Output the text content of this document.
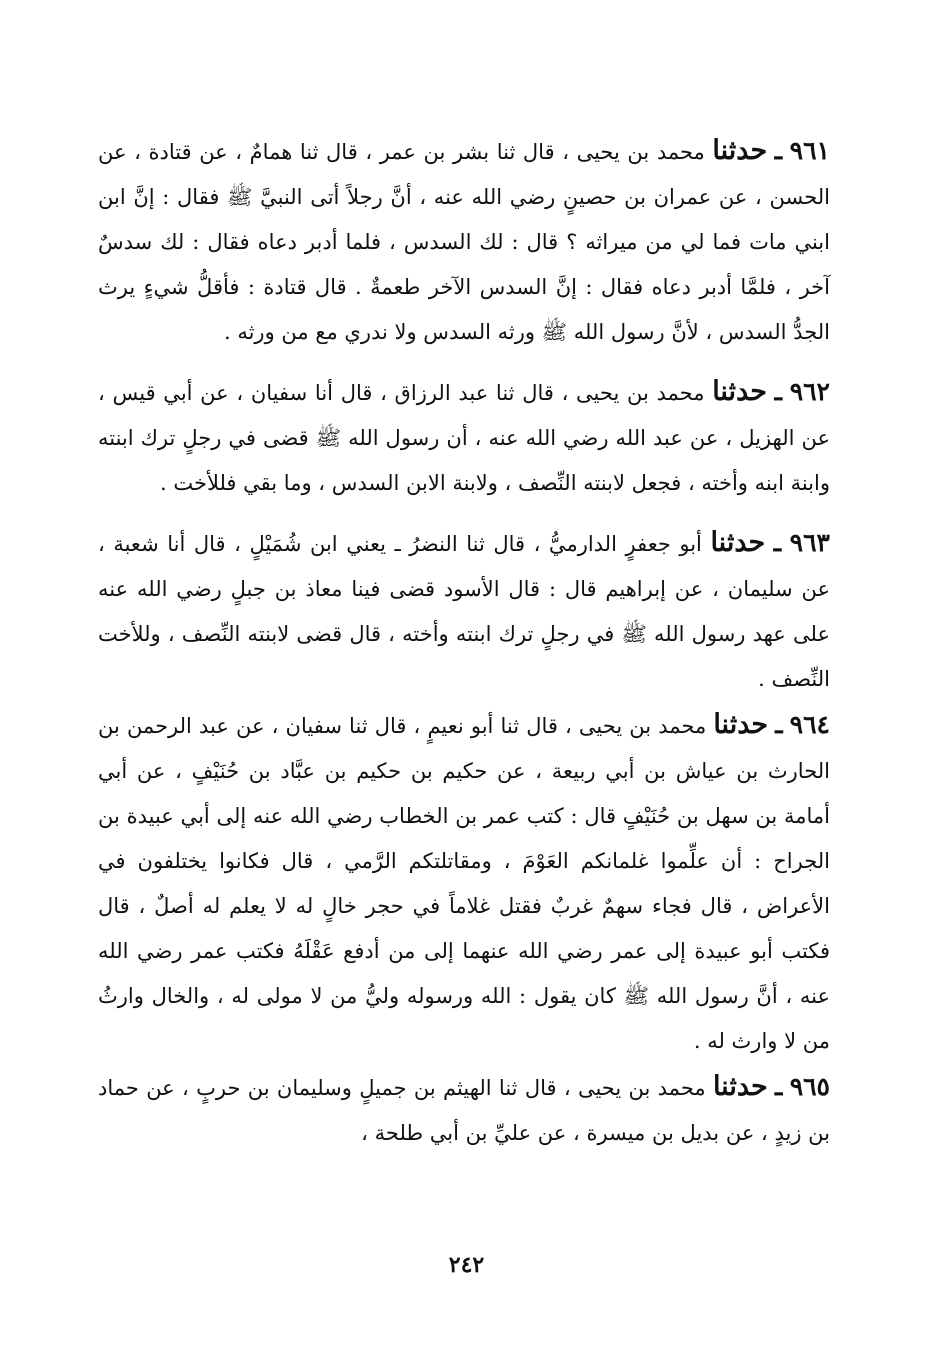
٩٦١ ـ حدثنا محمد بن يحيى ، قال ثنا بشر بن عمر ، قال ثنا همامٌ ، عن قتادة ، عن الحسن ، عن عمران بن حصينٍ رضي الله عنه ، أنَّ رجلاً أتى النبيَّ ﷺ فقال : إنَّ ابن ابني مات فما لي من ميراثه ؟ قال : لك السدس ، فلما أدبر دعاه فقال : لك سدسٌ آخر ، فلمَّا أدبر دعاه فقال : إنَّ السدس الآخر طعمةٌ . قال قتادة : فأقلُّ شيءٍ يرث الجدُّ السدس ، لأنَّ رسول الله ﷺ ورثه السدس ولا ندري مع من ورثه .

٩٦٢ ـ حدثنا محمد بن يحيى ، قال ثنا عبد الرزاق ، قال أنا سفيان ، عن أبي قيس ، عن الهزيل ، عن عبد الله رضي الله عنه ، أن رسول الله ﷺ قضى في رجلٍ ترك ابنته وابنة ابنه وأخته ، فجعل لابنته النِّصف ، ولابنة الابن السدس ، وما بقي فللأخت .

٩٦٣ ـ حدثنا أبو جعفرٍ الدارميُّ ، قال ثنا النضرُ ـ يعني ابن شُمَيْلٍ ، قال أنا شعبة ، عن سليمان ، عن إبراهيم قال : قال الأسود قضى فينا معاذ بن جبلٍ رضي الله عنه على عهد رسول الله ﷺ في رجلٍ ترك ابنته وأخته ، قال قضى لابنته النِّصف ، وللأخت النِّصف .

٩٦٤ ـ حدثنا محمد بن يحيى ، قال ثنا أبو نعيمٍ ، قال ثنا سفيان ، عن عبد الرحمن بن الحارث بن عياش بن أبي ربيعة ، عن حكيم بن حكيم بن عبَّاد بن حُنَيْفٍ ، عن أبي أمامة بن سهل بن حُنَيْفٍ قال : كتب عمر بن الخطاب رضي الله عنه إلى أبي عبيدة بن الجراح : أن علِّموا غلمانكم العَوْمَ ، ومقاتلتكم الرَّمي ، قال فكانوا يختلفون في الأعراض ، قال فجاء سهمٌ غربٌ فقتل غلاماً في حجر خالٍ له لا يعلم له أصلٌ ، قال فكتب أبو عبيدة إلى عمر رضي الله عنهما إلى من أدفع عَقْلَهُ فكتب عمر رضي الله عنه ، أنَّ رسول الله ﷺ كان يقول : الله ورسوله وليُّ من لا مولى له ، والخال وارثُ من لا وارث له .

٩٦٥ ـ حدثنا محمد بن يحيى ، قال ثنا الهيثم بن جميلٍ وسليمان بن حربٍ ، عن حماد بن زيدٍ ، عن بديل بن ميسرة ، عن عليِّ بن أبي طلحة ،

٢٤٢
